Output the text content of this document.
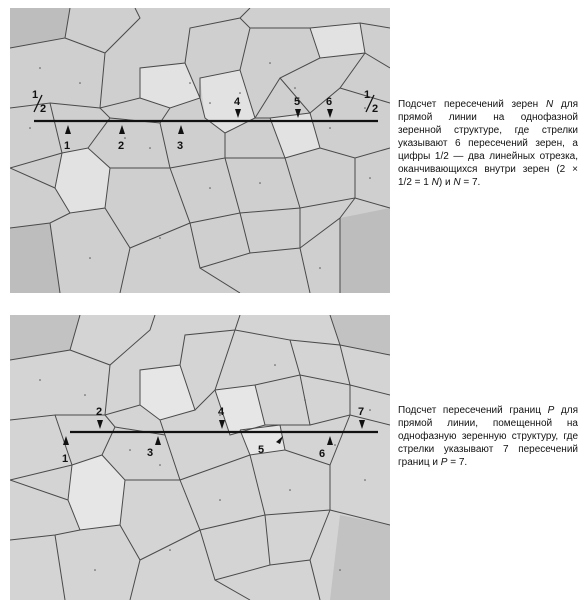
1	2	3
4	5 6
1
2
1
2 Подсчет пересечений зерен N для прямой линии на однофазной зеренной структуре, где стрелки указывают 6 пересечений зерен, а цифры 1/2 — два линейных отрезка, оканчивающихся внутри зерен (2 × 1/2 = 1 N) и N = 7.
1
2
3
4
5	6
7	Подсчет пересечений границ P для прямой линии, помещенной на однофазную зеренную структуру, где стрелки указывают 7 пересечений границ и P = 7.
